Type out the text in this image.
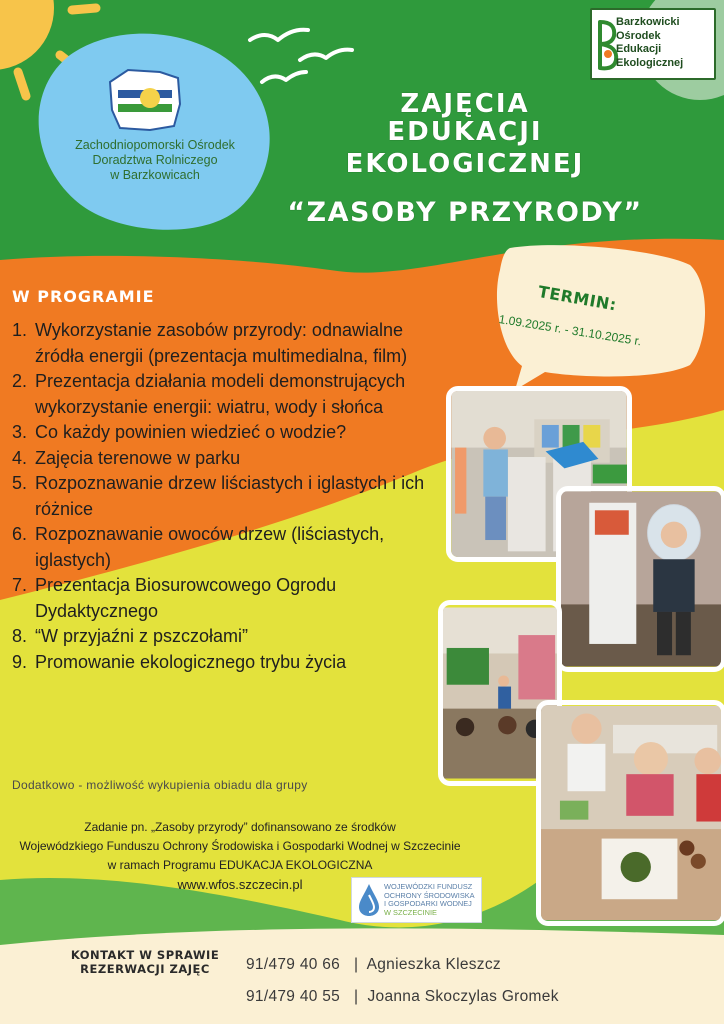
Zachodniopomorski Ośrodek
Doradztwa Rolniczego
w Barzkowicach
Barzkowicki
Ośrodek
Edukacji
Ekologicznej
ZAJĘCIA
EDUKACJI
EKOLOGICZNEJ
“ZASOBY PRZYRODY”
TERMIN:
1.09.2025 r. - 31.10.2025 r.
W PROGRAMIE
1. Wykorzystanie zasobów przyrody: odnawialne źródła energii (prezentacja multimedialna, film)
2. Prezentacja działania modeli demonstrujących wykorzystanie energii: wiatru, wody i słońca
3. Co każdy powinien wiedzieć o wodzie?
4. Zajęcia terenowe w parku
5. Rozpoznawanie drzew liściastych i iglastych i ich różnice
6. Rozpoznawanie owoców drzew (liściastych, iglastych)
7. Prezentacja Biosurowcowego Ogrodu Dydaktycznego
8. “W przyjaźni z pszczołami”
9. Promowanie ekologicznego trybu życia
Dodatkowo - możliwość wykupienia obiadu dla grupy
Zadanie pn. „Zasoby przyrody” dofinansowano ze środków
Wojewódzkiego Funduszu Ochrony Środowiska i Gospodarki Wodnej w Szczecinie
w ramach Programu EDUKACJA EKOLOGICZNA
www.wfos.szczecin.pl	WOJEWÓDZKI FUNDUSZ
OCHRONY ŚRODOWISKA
I GOSPODARKI WODNEJ
W SZCZECINIE
KONTAKT W SPRAWIE
REZERWACJI ZAJĘC	91/479 40 66 | Agnieszka Kleszcz
91/479 40 55 | Joanna Skoczylas Gromek
